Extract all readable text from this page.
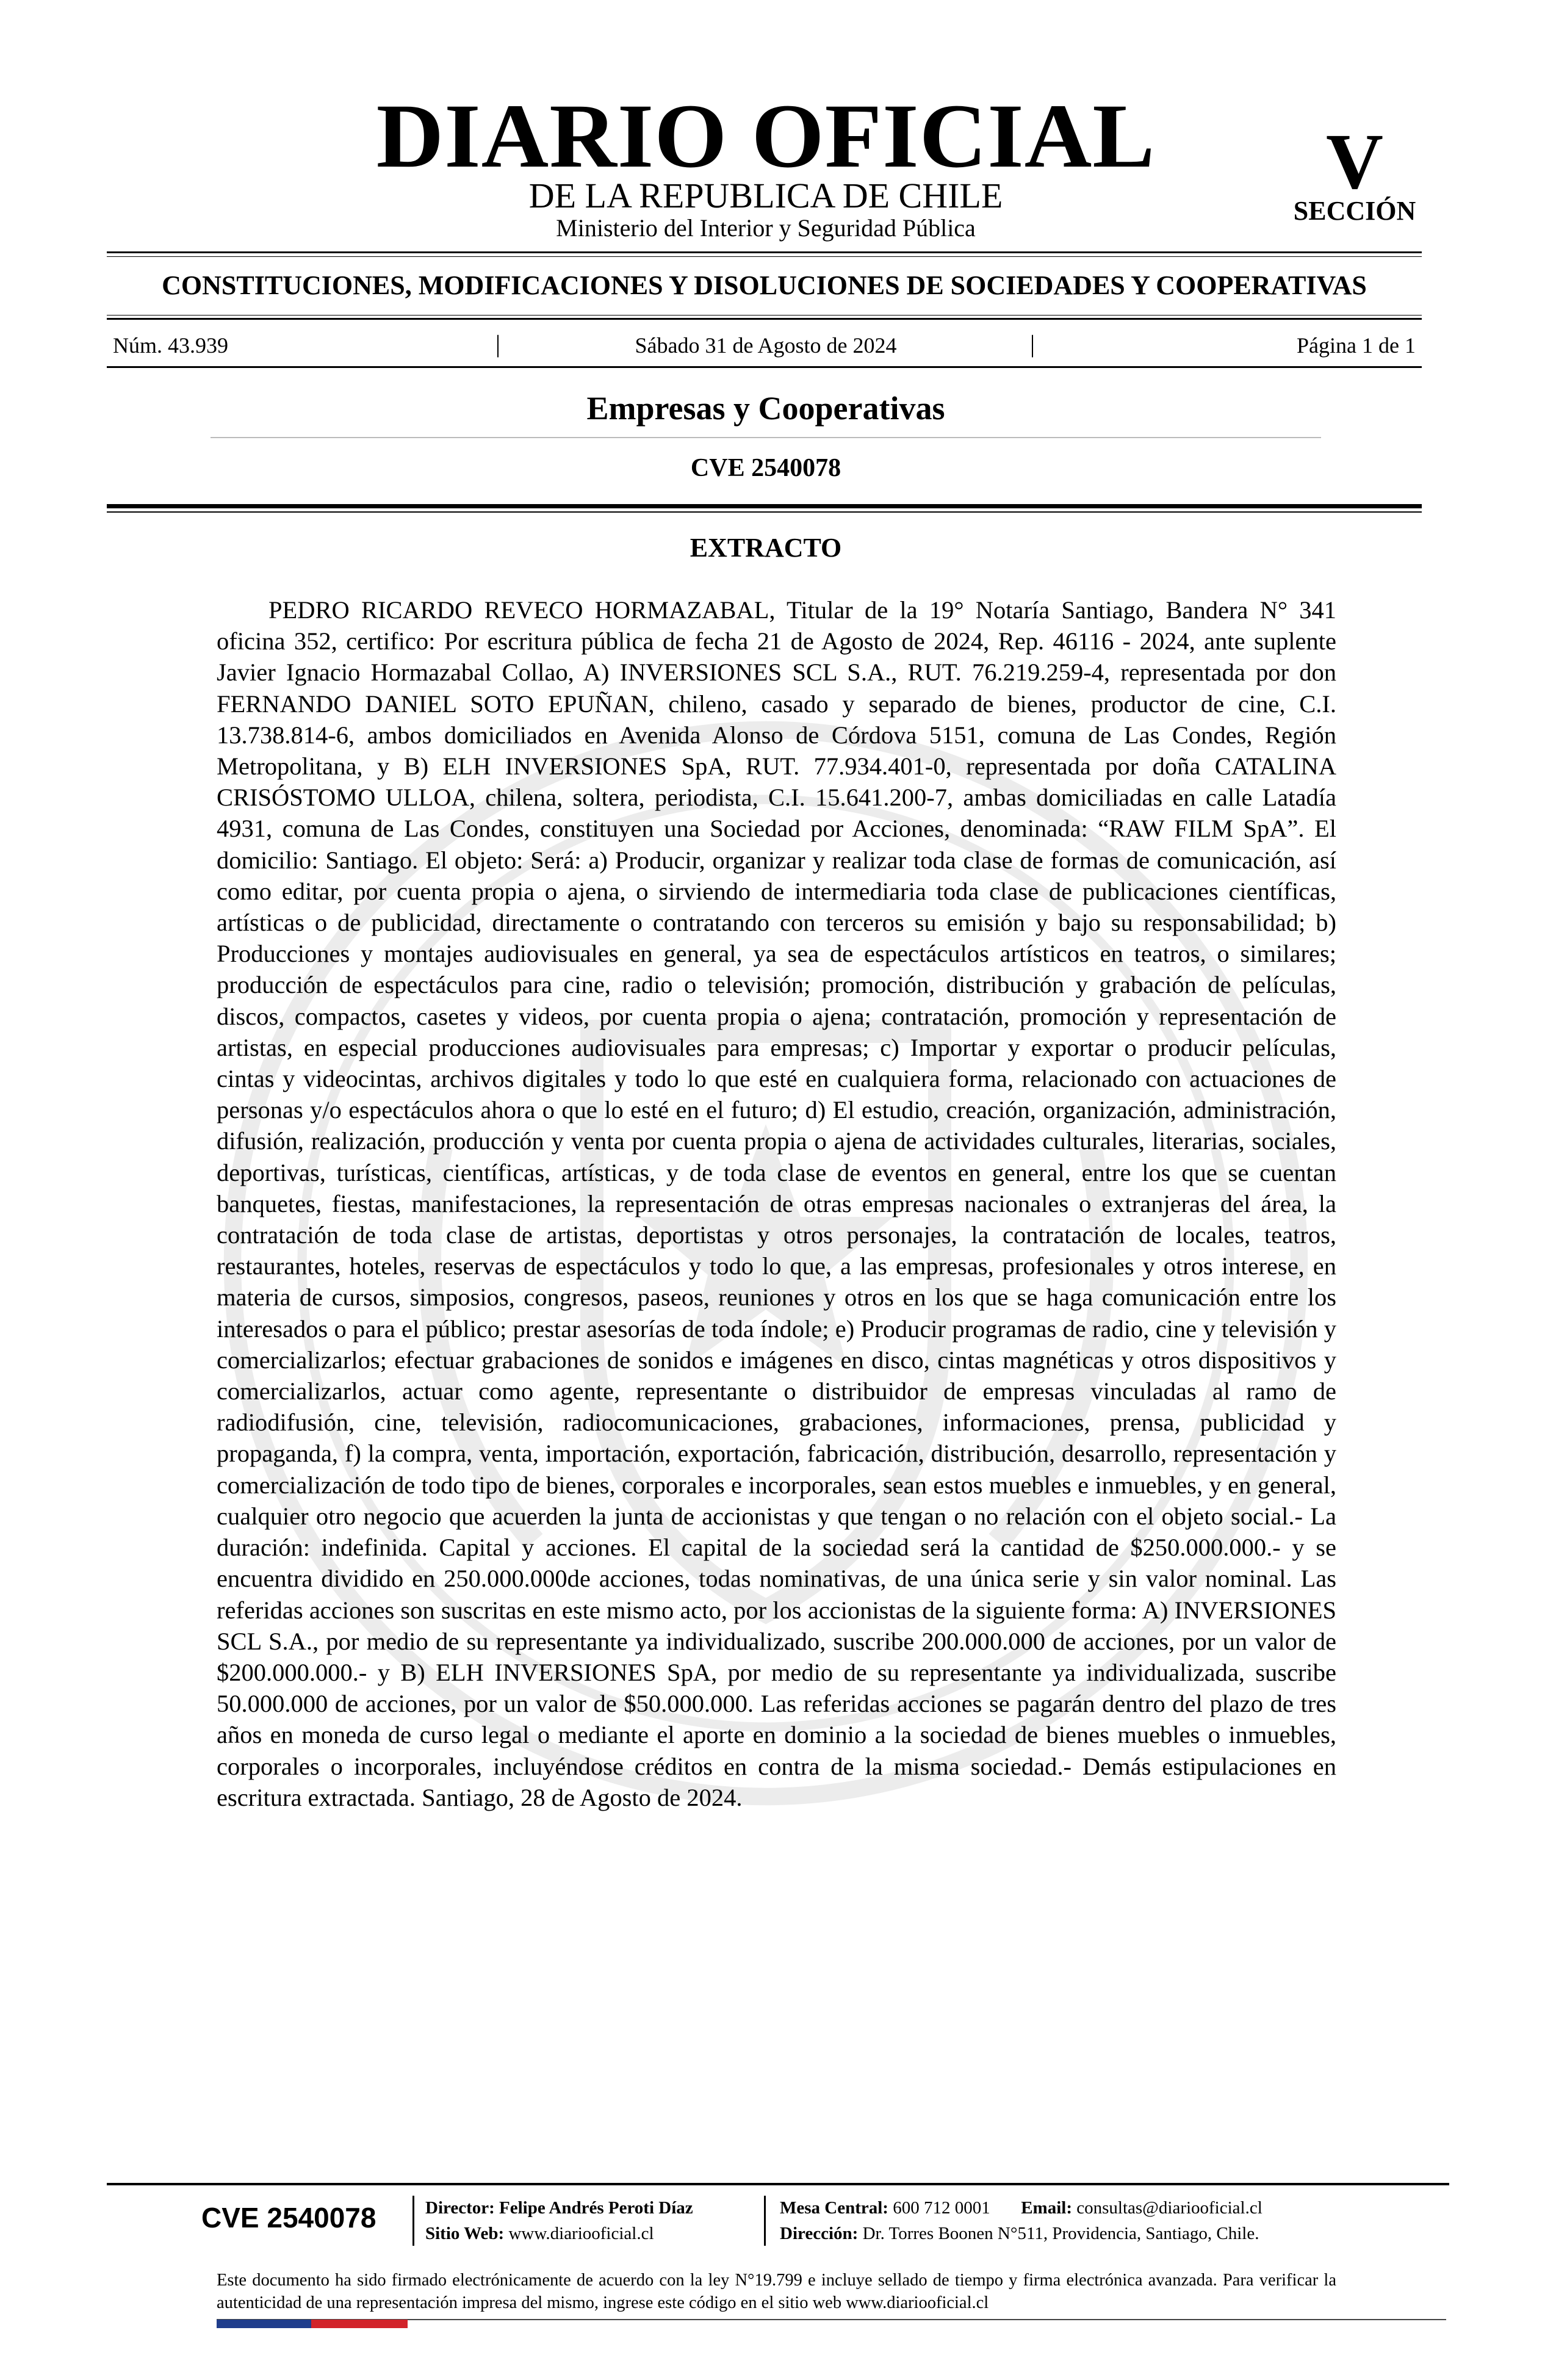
DIARIO OFICIAL
DE LA REPUBLICA DE CHILE
Ministerio del Interior y Seguridad Pública
V
SECCIÓN
CONSTITUCIONES, MODIFICACIONES Y DISOLUCIONES DE SOCIEDADES Y COOPERATIVAS
Núm. 43.939	|	Sábado 31 de Agosto de 2024	|	Página 1 de 1
Empresas y Cooperativas
CVE 2540078
EXTRACTO

PEDRO RICARDO REVECO HORMAZABAL, Titular de la 19° Notaría Santiago, Bandera N° 341 oficina 352, certifico: Por escritura pública de fecha 21 de Agosto de 2024, Rep. 46116 - 2024, ante suplente Javier Ignacio Hormazabal Collao, A) INVERSIONES SCL S.A., RUT. 76.219.259-4, representada por don FERNANDO DANIEL SOTO EPUÑAN, chileno, casado y separado de bienes, productor de cine, C.I. 13.738.814-6, ambos domiciliados en Avenida Alonso de Córdova 5151, comuna de Las Condes, Región Metropolitana, y B) ELH INVERSIONES SpA, RUT. 77.934.401-0, representada por doña CATALINA CRISÓSTOMO ULLOA, chilena, soltera, periodista, C.I. 15.641.200-7, ambas domiciliadas en calle Latadía 4931, comuna de Las Condes, constituyen una Sociedad por Acciones, denominada: “RAW FILM SpA”. El domicilio: Santiago. El objeto: Será: a) Producir, organizar y realizar toda clase de formas de comunicación, así como editar, por cuenta propia o ajena, o sirviendo de intermediaria toda clase de publicaciones científicas, artísticas o de publicidad, directamente o contratando con terceros su emisión y bajo su responsabilidad; b) Producciones y montajes audiovisuales en general, ya sea de espectáculos artísticos en teatros, o similares; producción de espectáculos para cine, radio o televisión; promoción, distribución y grabación de películas, discos, compactos, casetes y videos, por cuenta propia o ajena; contratación, promoción y representación de artistas, en especial producciones audiovisuales para empresas; c) Importar y exportar o producir películas, cintas y videocintas, archivos digitales y todo lo que esté en cualquiera forma, relacionado con actuaciones de personas y/o espectáculos ahora o que lo esté en el futuro; d) El estudio, creación, organización, administración, difusión, realización, producción y venta por cuenta propia o ajena de actividades culturales, literarias, sociales, deportivas, turísticas, científicas, artísticas, y de toda clase de eventos en general, entre los que se cuentan banquetes, fiestas, manifestaciones, la representación de otras empresas nacionales o extranjeras del área, la contratación de toda clase de artistas, deportistas y otros personajes, la contratación de locales, teatros, restaurantes, hoteles, reservas de espectáculos y todo lo que, a las empresas, profesionales y otros interese, en materia de cursos, simposios, congresos, paseos, reuniones y otros en los que se haga comunicación entre los interesados o para el público; prestar asesorías de toda índole; e) Producir programas de radio, cine y televisión y comercializarlos; efectuar grabaciones de sonidos e imágenes en disco, cintas magnéticas y otros dispositivos y comercializarlos, actuar como agente, representante o distribuidor de empresas vinculadas al ramo de radiodifusión, cine, televisión, radiocomunicaciones, grabaciones, informaciones, prensa, publicidad y propaganda, f) la compra, venta, importación, exportación, fabricación, distribución, desarrollo, representación y comercialización de todo tipo de bienes, corporales e incorporales, sean estos muebles e inmuebles, y en general, cualquier otro negocio que acuerden la junta de accionistas y que tengan o no relación con el objeto social.- La duración: indefinida. Capital y acciones. El capital de la sociedad será la cantidad de $250.000.000.- y se encuentra dividido en 250.000.000de acciones, todas nominativas, de una única serie y sin valor nominal. Las referidas acciones son suscritas en este mismo acto, por los accionistas de la siguiente forma: A) INVERSIONES SCL S.A., por medio de su representante ya individualizado, suscribe 200.000.000 de acciones, por un valor de $200.000.000.- y B) ELH INVERSIONES SpA, por medio de su representante ya individualizada, suscribe 50.000.000 de acciones, por un valor de $50.000.000. Las referidas acciones se pagarán dentro del plazo de tres años en moneda de curso legal o mediante el aporte en dominio a la sociedad de bienes muebles o inmuebles, corporales o incorporales, incluyéndose créditos en contra de la misma sociedad.- Demás estipulaciones en escritura extractada. Santiago, 28 de Agosto de 2024.

CVE 2540078	Director: Felipe Andrés Peroti Díaz
Sitio Web: www.diariooficial.cl
Mesa Central: 600 712 0001 Email: consultas@diariooficial.cl
Dirección: Dr. Torres Boonen N°511, Providencia, Santiago, Chile.

Este documento ha sido firmado electrónicamente de acuerdo con la ley N°19.799 e incluye sellado de tiempo y firma electrónica avanzada. Para verificar la autenticidad de una representación impresa del mismo, ingrese este código en el sitio web www.diariooficial.cl
